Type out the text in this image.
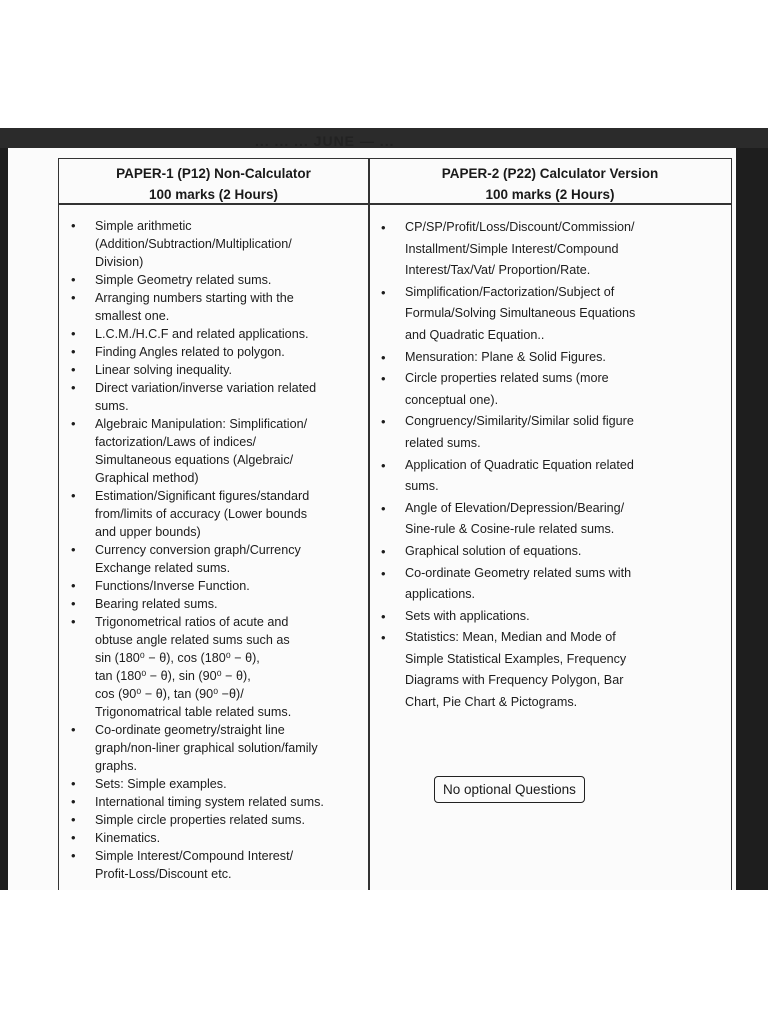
... ... ... JUNE — ...
PAPER-1 (P12) Non-Calculator
100 marks (2 Hours)
PAPER-2 (P22) Calculator Version
100 marks (2 Hours)
• Simple arithmetic
(Addition/Subtraction/Multiplication/
Division)
• Simple Geometry related sums.
• Arranging numbers starting with the
smallest one.
• L.C.M./H.C.F and related applications.
• Finding Angles related to polygon.
• Linear solving inequality.
• Direct variation/inverse variation related
sums.
• Algebraic Manipulation: Simplification/
factorization/Laws of indices/
Simultaneous equations (Algebraic/
Graphical method)
• Estimation/Significant figures/standard
from/limits of accuracy (Lower bounds
and upper bounds)
• Currency conversion graph/Currency
Exchange related sums.
• Functions/Inverse Function.
• Bearing related sums.
• Trigonometrical ratios of acute and
obtuse angle related sums such as
sin (180⁰ − θ), cos (180⁰ − θ),
tan (180⁰ − θ), sin (90⁰ − θ),
cos (90⁰ − θ), tan (90⁰ −θ)/
Trigonomatrical table related sums.
• Co-ordinate geometry/straight line
graph/non-liner graphical solution/family
graphs.
• Sets: Simple examples.
• International timing system related sums.
• Simple circle properties related sums.
• Kinematics.
• Simple Interest/Compound Interest/
Profit-Loss/Discount etc.
• CP/SP/Profit/Loss/Discount/Commission/
Installment/Simple Interest/Compound
Interest/Tax/Vat/ Proportion/Rate.
• Simplification/Factorization/Subject of
Formula/Solving Simultaneous Equations
and Quadratic Equation..
• Mensuration: Plane & Solid Figures.
• Circle properties related sums (more
conceptual one).
• Congruency/Similarity/Similar solid figure
related sums.
• Application of Quadratic Equation related
sums.
• Angle of Elevation/Depression/Bearing/
Sine-rule & Cosine-rule related sums.
• Graphical solution of equations.
• Co-ordinate Geometry related sums with
applications.
• Sets with applications.
• Statistics: Mean, Median and Mode of
Simple Statistical Examples, Frequency
Diagrams with Frequency Polygon, Bar
Chart, Pie Chart & Pictograms.
No optional Questions
